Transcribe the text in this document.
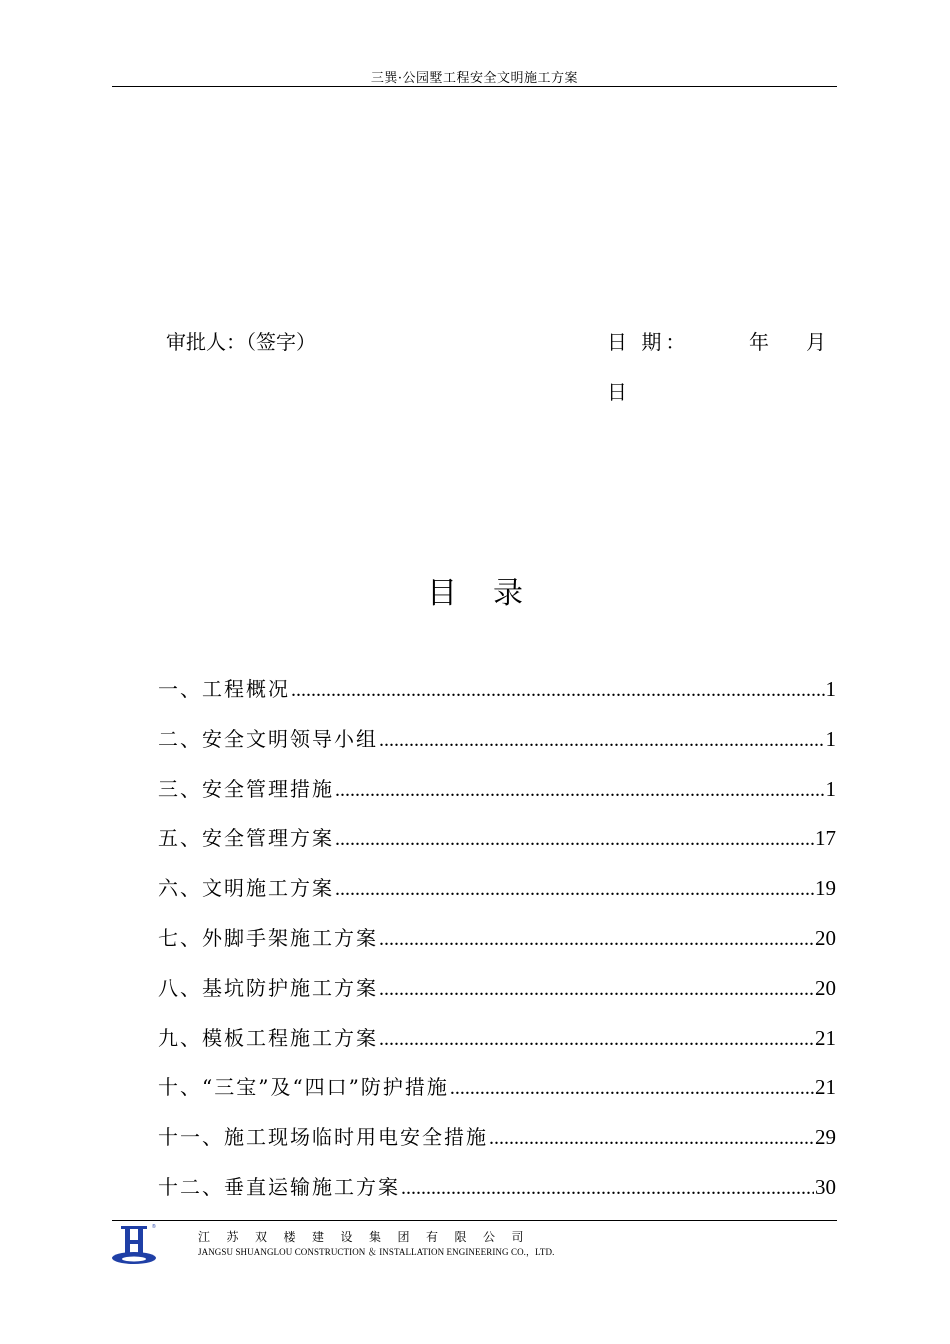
三巽·公园墅工程安全文明施工方案
审批人：（签字）	日 期：	年 月
日
目录
一、工程概况 .....	1
二、安全文明领导小组 .....	1
三、安全管理措施 .....	1
五、安全管理方案 .....	17
六、文明施工方案 .....	19
七、外脚手架施工方案 .....	20
八、基坑防护施工方案 .....	20
九、模板工程施工方案 .....	21
十、“三宝”及“四口”防护措施 .....	21
十一、施工现场临时用电安全措施 .....	29
十二、垂直运输施工方案 .....	30
®
江苏双楼建设集团有限公司
JANGSU SHUANGLOU CONSTRUCTION ＆ INSTALLATION ENGINEERING CO.，LTD.
